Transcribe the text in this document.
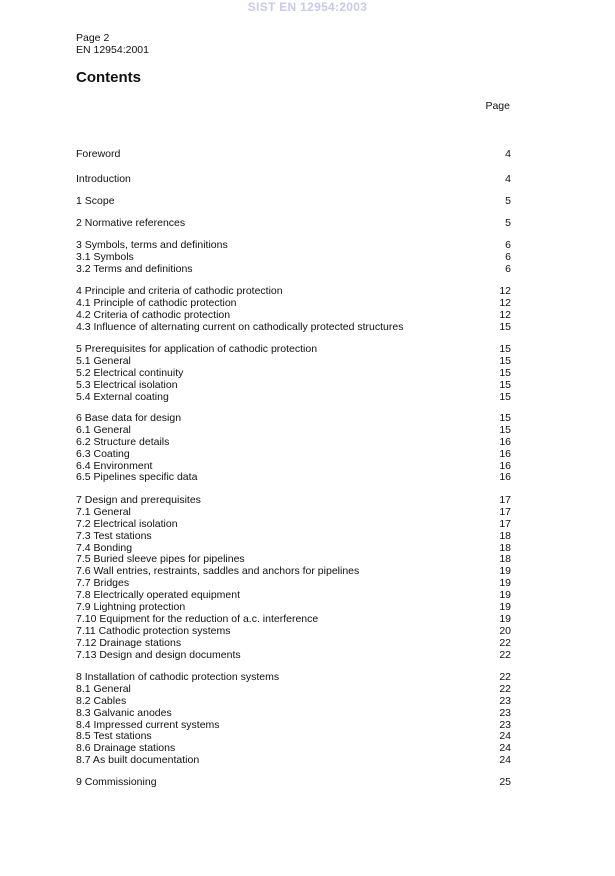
SIST EN 12954:2003
Page 2
EN 12954:2001
Contents
Page
Foreword	4
Introduction	4
1 Scope	5
2 Normative references	5
3 Symbols, terms and definitions	6
3.1 Symbols	6
3.2 Terms and definitions	6
4 Principle and criteria of cathodic protection	12
4.1 Principle of cathodic protection	12
4.2 Criteria of cathodic protection	12
4.3 Influence of alternating current on cathodically protected structures	15
5 Prerequisites for application of cathodic protection	15
5.1 General	15
5.2 Electrical continuity	15
5.3 Electrical isolation	15
5.4 External coating	15
6 Base data for design	15
6.1 General	15
6.2 Structure details	16
6.3 Coating	16
6.4 Environment	16
6.5 Pipelines specific data	16
7 Design and prerequisites	17
7.1 General	17
7.2 Electrical isolation	17
7.3 Test stations	18
7.4 Bonding	18
7.5 Buried sleeve pipes for pipelines	18
7.6 Wall entries, restraints, saddles and anchors for pipelines	19
7.7 Bridges	19
7.8 Electrically operated equipment	19
7.9 Lightning protection	19
7.10 Equipment for the reduction of a.c. interference	19
7.11 Cathodic protection systems	20
7.12 Drainage stations	22
7.13 Design and design documents	22
8 Installation of cathodic protection systems	22
8.1 General	22
8.2 Cables	23
8.3 Galvanic anodes	23
8.4 Impressed current systems	23
8.5 Test stations	24
8.6 Drainage stations	24
8.7 As built documentation	24
9 Commissioning	25
